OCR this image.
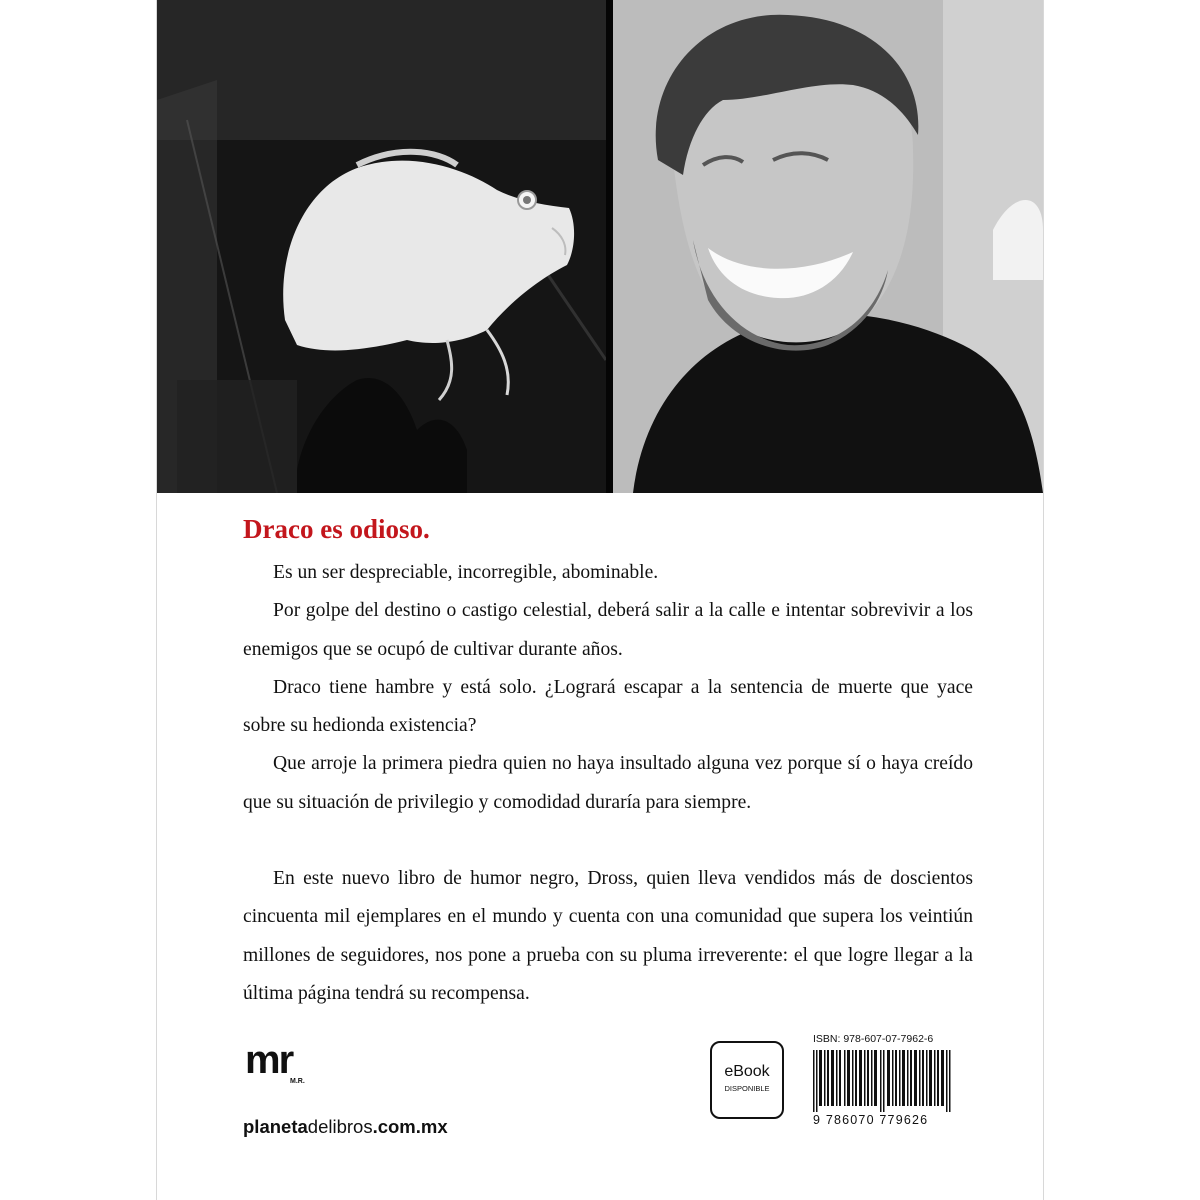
Draco es odioso.

Es un ser despreciable, incorregible, abominable.

Por golpe del destino o castigo celestial, deberá salir a la calle e intentar sobrevivir a los enemigos que se ocupó de cultivar durante años.

Draco tiene hambre y está solo. ¿Logrará escapar a la sentencia de muerte que yace sobre su hedionda existencia?

Que arroje la primera piedra quien no haya insultado alguna vez porque sí o haya creído que su situación de privilegio y comodidad duraría para siempre.

En este nuevo libro de humor negro, Dross, quien lleva vendidos más de doscientos cincuenta mil ejemplares en el mundo y cuenta con una comunidad que supera los veintiún millones de seguidores, nos pone a prueba con su pluma irreverente: el que logre llegar a la última página tendrá su recompensa.

mr
M.R.
planetadelibros.com.mx
eBook
DISPONIBLE
ISBN: 978-607-07-7962-6
9 786070 779626
